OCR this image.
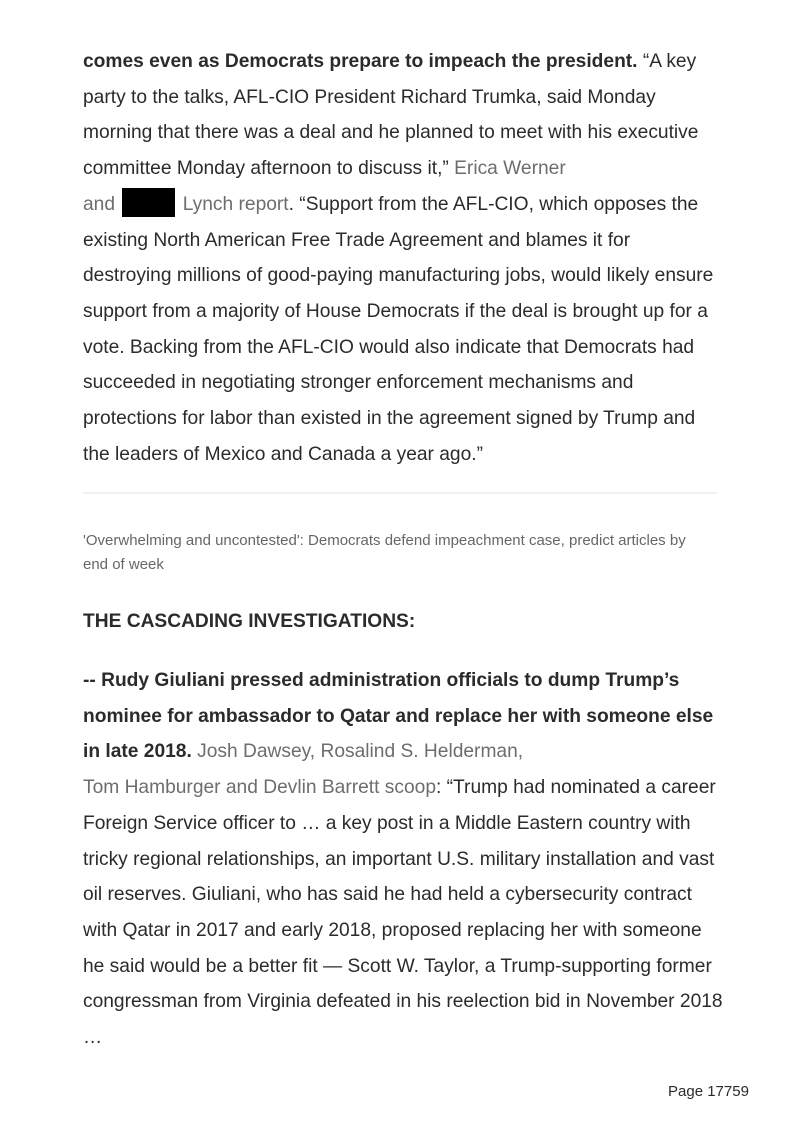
comes even as Democrats prepare to impeach the president. “A key party to the talks, AFL-CIO President Richard Trumka, said Monday morning that there was a deal and he planned to meet with his executive committee Monday afternoon to discuss it,” Erica Werner
and	Lynch report. “Support from the AFL-CIO, which opposes the existing North American Free Trade Agreement and blames it for destroying millions of good-paying manufacturing jobs, would likely ensure support from a majority of House Democrats if the deal is brought up for a vote. Backing from the AFL-CIO would also indicate that Democrats had succeeded in negotiating stronger enforcement mechanisms and protections for labor than existed in the agreement signed by Trump and the leaders of Mexico and Canada a year ago.”

'Overwhelming and uncontested': Democrats defend impeachment case, predict articles by end of week

THE CASCADING INVESTIGATIONS:

-- Rudy Giuliani pressed administration officials to dump Trump’s nominee for ambassador to Qatar and replace her with someone else in late 2018. Josh Dawsey, Rosalind S. Helderman,
Tom Hamburger and Devlin Barrett scoop: “Trump had nominated a career Foreign Service officer to … a key post in a Middle Eastern country with tricky regional relationships, an important U.S. military installation and vast oil reserves. Giuliani, who has said he had held a cybersecurity contract with Qatar in 2017 and early 2018, proposed replacing her with someone he said would be a better fit — Scott W. Taylor, a Trump-supporting former congressman from Virginia defeated in his reelection bid in November 2018 …

Page 17759
